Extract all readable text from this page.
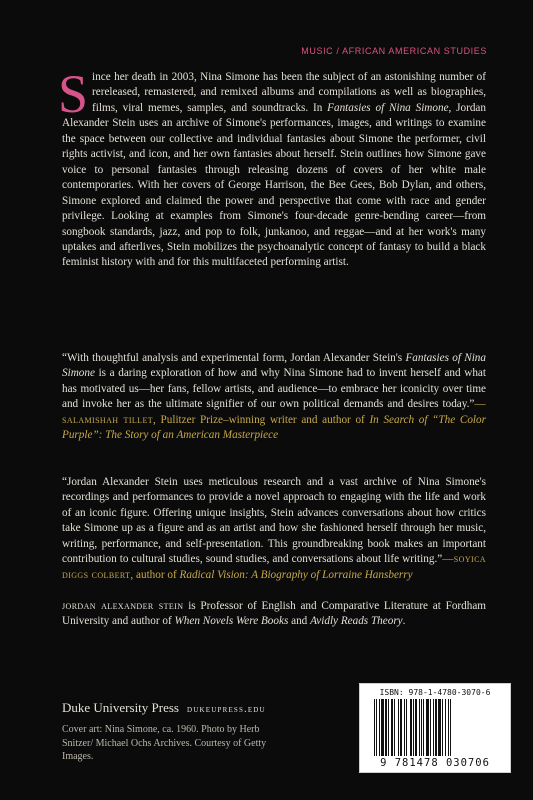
MUSIC / AFRICAN AMERICAN STUDIES

Since her death in 2003, Nina Simone has been the subject of an astonishing number of rereleased, remastered, and remixed albums and compilations as well as biographies, films, viral memes, samples, and soundtracks. In Fantasies of Nina Simone, Jordan Alexander Stein uses an archive of Simone's performances, images, and writings to examine the space between our collective and individual fantasies about Simone the performer, civil rights activist, and icon, and her own fantasies about herself. Stein outlines how Simone gave voice to personal fantasies through releasing dozens of covers of her white male contemporaries. With her covers of George Harrison, the Bee Gees, Bob Dylan, and others, Simone explored and claimed the power and perspective that come with race and gender privilege. Looking at examples from Simone's four-decade genre-bending career—from songbook standards, jazz, and pop to folk, junkanoo, and reggae—and at her work's many uptakes and afterlives, Stein mobilizes the psychoanalytic concept of fantasy to build a black feminist history with and for this multifaceted performing artist.

“With thoughtful analysis and experimental form, Jordan Alexander Stein's Fantasies of Nina Simone is a daring exploration of how and why Nina Simone had to invent herself and what has motivated us—her fans, fellow artists, and audience—to embrace her iconicity over time and invoke her as the ultimate signifier of our own political demands and desires today.”—salamishah tillet, Pulitzer Prize–winning writer and author of In Search of “The Color Purple”: The Story of an American Masterpiece

“Jordan Alexander Stein uses meticulous research and a vast archive of Nina Simone's recordings and performances to provide a novel approach to engaging with the life and work of an iconic figure. Offering unique insights, Stein advances conversations about how critics take Simone up as a figure and as an artist and how she fashioned herself through her music, writing, performance, and self-presentation. This groundbreaking book makes an important contribution to cultural studies, sound studies, and conversations about life writing.”—soyica diggs colbert, author of Radical Vision: A Biography of Lorraine Hansberry

jordan alexander stein is Professor of English and Comparative Literature at Fordham University and author of When Novels Were Books and Avidly Reads Theory.

Duke University Press dukeupress.edu
Cover art: Nina Simone, ca. 1960. Photo by Herb Snitzer/ Michael Ochs Archives. Courtesy of Getty Images.
ISBN: 978-1-4780-3070-6
9 781478 030706
